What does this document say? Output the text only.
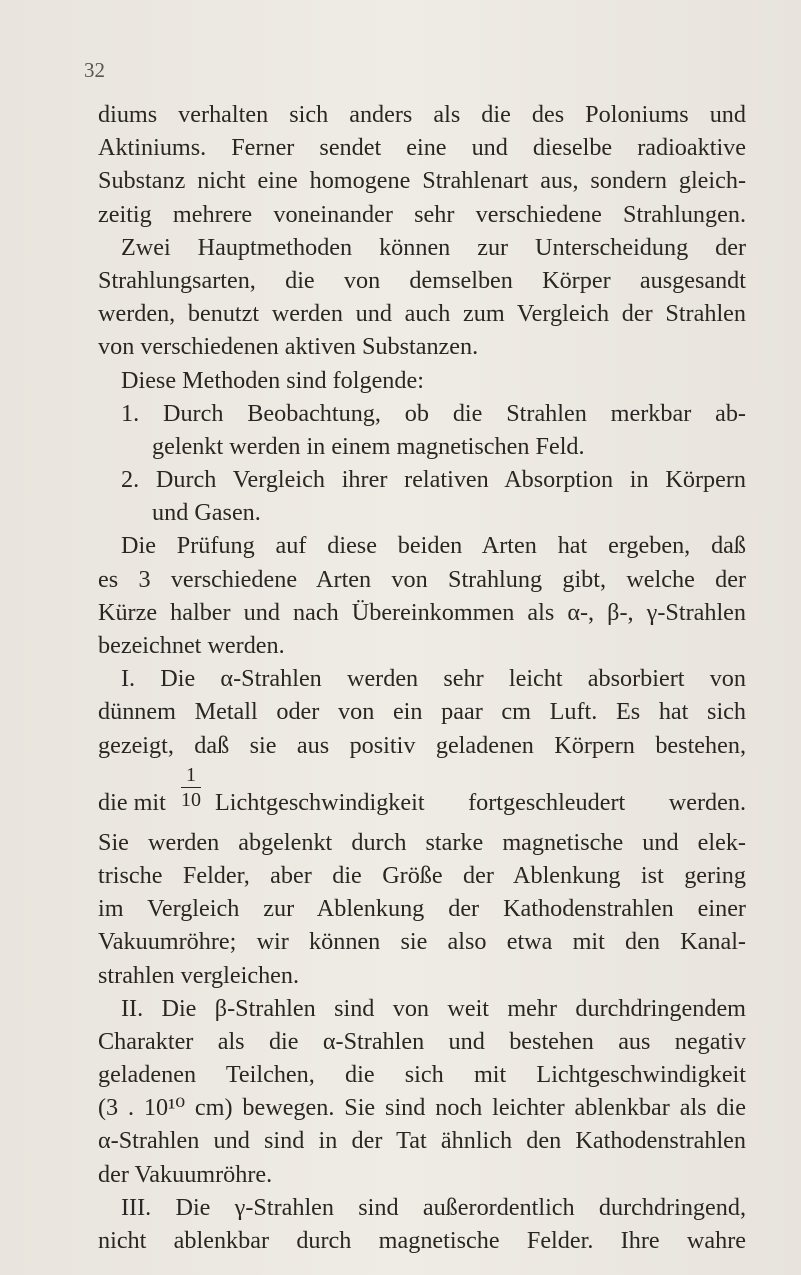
32
diums verhalten sich anders als die des Poloniums und
Aktiniums. Ferner sendet eine und dieselbe radioaktive
Substanz nicht eine homogene Strahlenart aus, sondern gleich-
zeitig mehrere voneinander sehr verschiedene Strahlungen.
Zwei Hauptmethoden können zur Unterscheidung der
Strahlungsarten, die von demselben Körper ausgesandt
werden, benutzt werden und auch zum Vergleich der Strahlen
von verschiedenen aktiven Substanzen.
Diese Methoden sind folgende:
1. Durch Beobachtung, ob die Strahlen merkbar ab-
gelenkt werden in einem magnetischen Feld.
2. Durch Vergleich ihrer relativen Absorption in Körpern
und Gasen.
Die Prüfung auf diese beiden Arten hat ergeben, daß
es 3 verschiedene Arten von Strahlung gibt, welche der
Kürze halber und nach Übereinkommen als α-, β-, γ-Strahlen
bezeichnet werden.
I. Die α-Strahlen werden sehr leicht absorbiert von
dünnem Metall oder von ein paar cm Luft. Es hat sich
gezeigt, daß sie aus positiv geladenen Körpern bestehen,
die mit
1
10 Lichtgeschwindigkeit fortgeschleudert werden.
Sie werden abgelenkt durch starke magnetische und elek-
trische Felder, aber die Größe der Ablenkung ist gering
im Vergleich zur Ablenkung der Kathodenstrahlen einer
Vakuumröhre; wir können sie also etwa mit den Kanal-
strahlen vergleichen.
II. Die β-Strahlen sind von weit mehr durchdringendem
Charakter als die α-Strahlen und bestehen aus negativ
geladenen Teilchen, die sich mit Lichtgeschwindigkeit
(3 . 10¹⁰ cm) bewegen. Sie sind noch leichter ablenkbar als die
α-Strahlen und sind in der Tat ähnlich den Kathodenstrahlen
der Vakuumröhre.
III. Die γ-Strahlen sind außerordentlich durchdringend,
nicht ablenkbar durch magnetische Felder. Ihre wahre
